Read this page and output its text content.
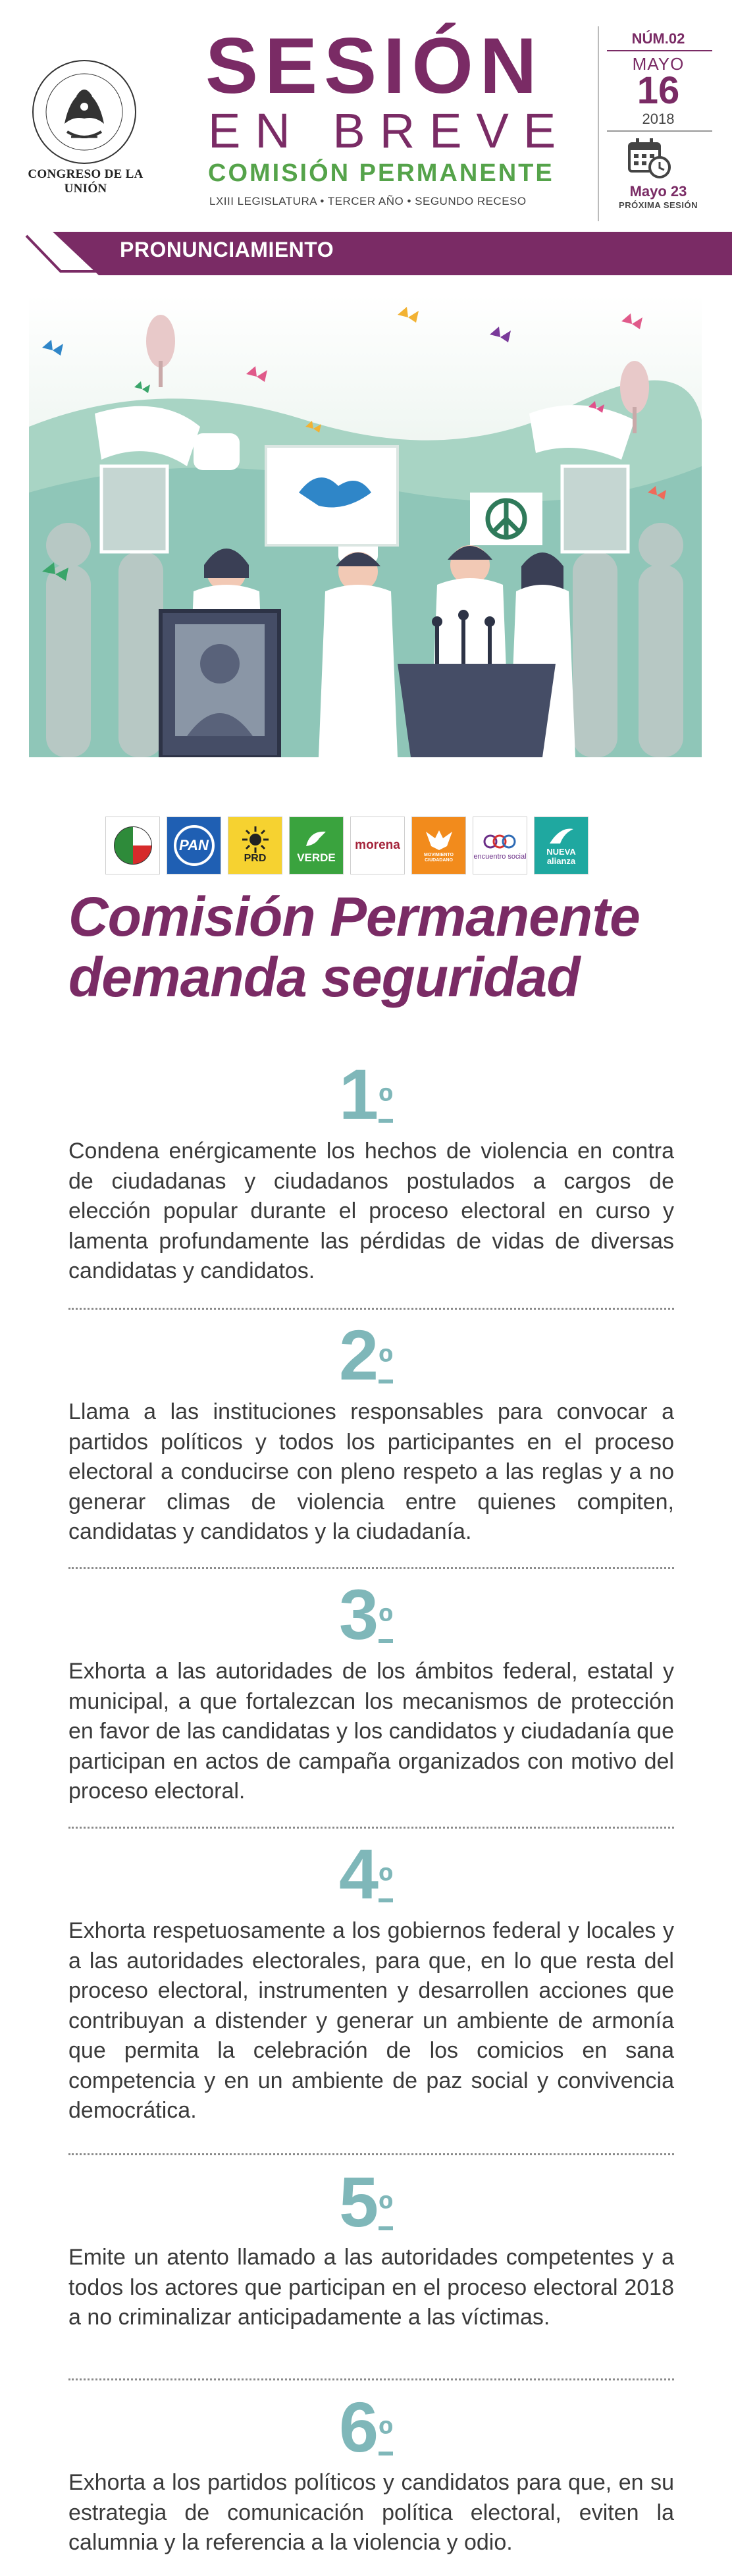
CONGRESO DE LA UNIÓN
SESIÓN
EN BREVE
COMISIÓN PERMANENTE
LXIII LEGISLATURA • TERCER AÑO • SEGUNDO RECESO
NÚM.02
MAYO
16
2018
Mayo 23
PRÓXIMA SESIÓN
PRONUNCIAMIENTO
PAN
PRD	VERDE
morena
MOVIMIENTO CIUDADANO	encuentro social
NUEVA alianza
Comisión Permanente
demanda seguridad
$1^º$
Condena enérgicamente los hechos de violencia en contra de ciudadanas y ciudadanos postulados a cargos de elección popular durante el proceso electoral en curso y lamenta profundamente las pérdidas de vidas de diversas candidatas y candidatos.
$2^º$
Llama a las instituciones responsables para convocar a partidos políticos y todos los participantes en el proceso electoral a conducirse con pleno respeto a las reglas y a no generar climas de violencia entre quienes compiten, candidatas y candidatos y la ciudadanía.
$3^º$
Exhorta a las autoridades de los ámbitos federal, estatal y municipal, a que fortalezcan los mecanismos de protección en favor de las candidatas y los candidatos y ciudadanía que participan en actos de campaña organizados con motivo del proceso electoral.
$4^º$
Exhorta respetuosamente a los gobiernos federal y locales y a las autoridades electorales, para que, en lo que resta del proceso electoral, instrumenten y desarrollen acciones que contribuyan a distender y generar un ambiente de armonía que permita la celebración de los comicios en sana competencia y en un ambiente de paz social y convivencia democrática.
$5^º$
Emite un atento llamado a las autoridades competentes y a todos los actores que participan en el proceso electoral 2018 a no criminalizar anticipadamente a las víctimas.
$6^º$
Exhorta a los partidos políticos y candidatos para que, en su estrategia de comunicación política electoral, eviten la calumnia y la referencia a la violencia y odio.
